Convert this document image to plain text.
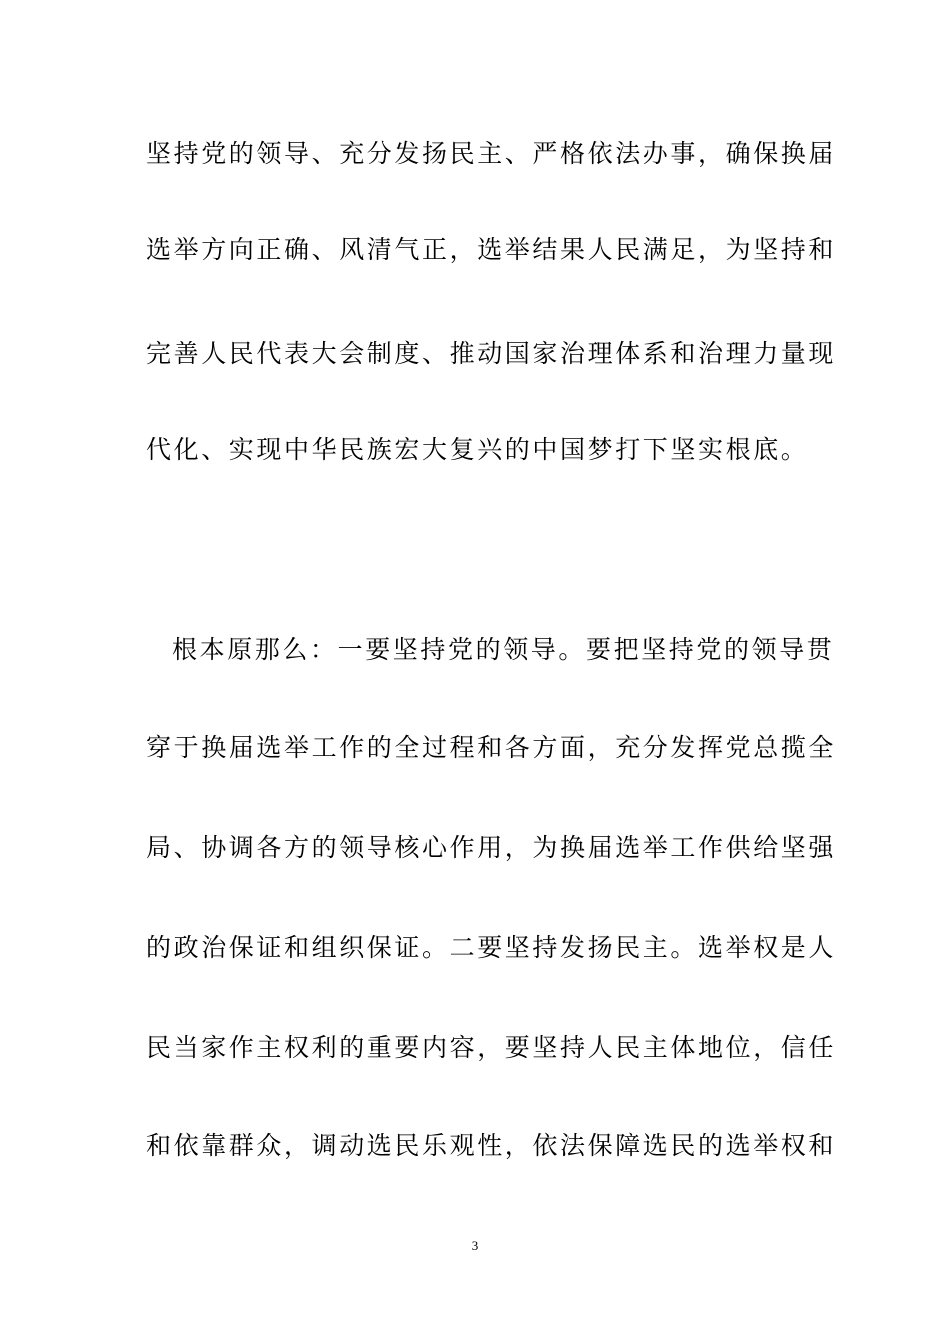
坚持党的领导、充分发扬民主、严格依法办事，确保换届
选举方向正确、风清气正，选举结果人民满足，为坚持和
完善人民代表大会制度、推动国家治理体系和治理力量现
代化、实现中华民族宏大复兴的中国梦打下坚实根底。
根本原那么：一要坚持党的领导。要把坚持党的领导贯
穿于换届选举工作的全过程和各方面，充分发挥党总揽全
局、协调各方的领导核心作用，为换届选举工作供给坚强
的政治保证和组织保证。二要坚持发扬民主。选举权是人
民当家作主权利的重要内容，要坚持人民主体地位，信任
和依靠群众，调动选民乐观性，依法保障选民的选举权和
3
